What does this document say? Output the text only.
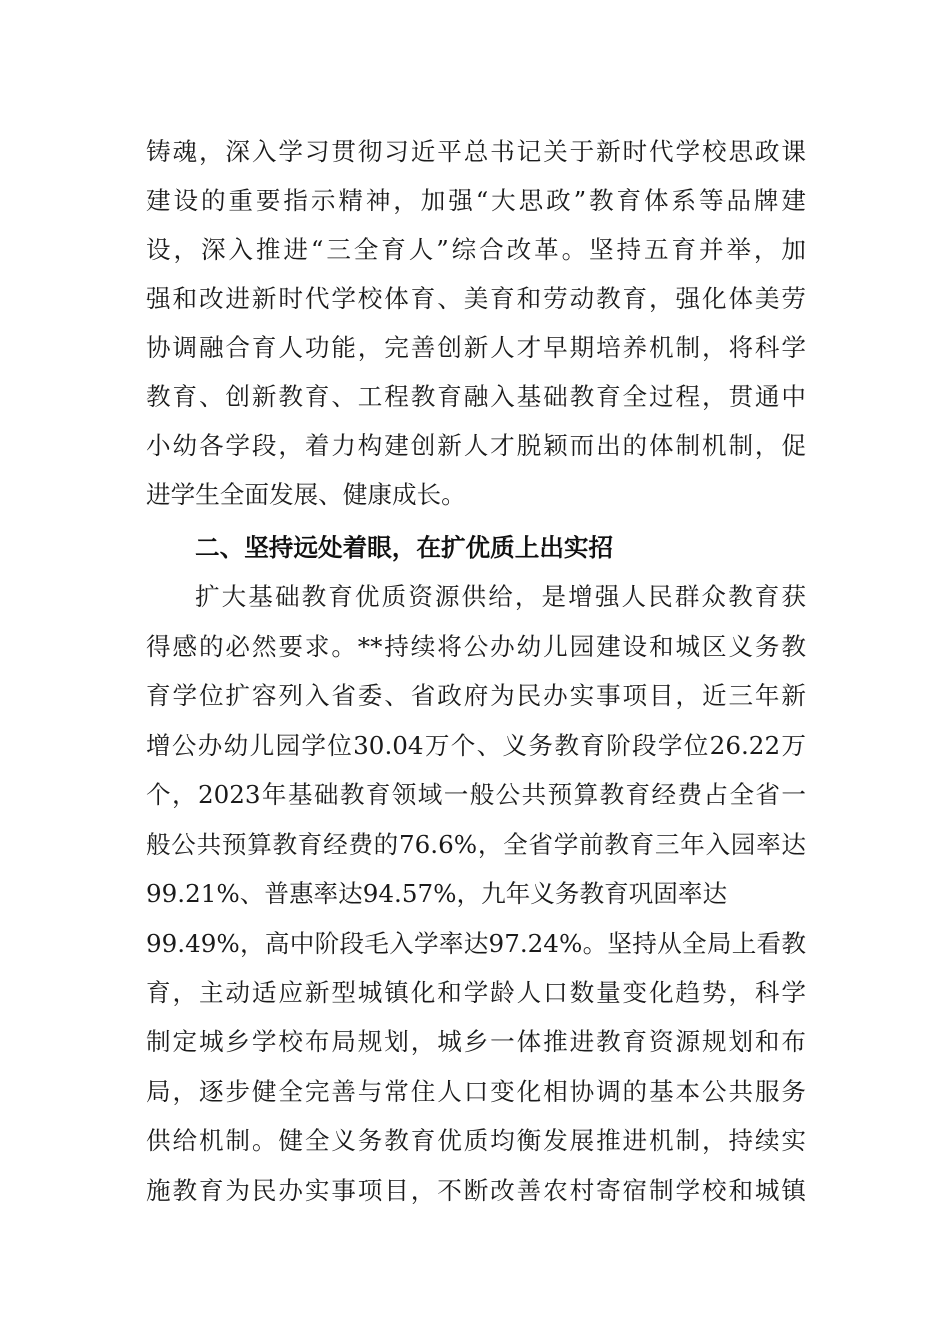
铸魂，深入学习贯彻习近平总书记关于新时代学校思政课

建设的重要指示精神，加强“大思政”教育体系等品牌建

设，深入推进“三全育人”综合改革。坚持五育并举，加

强和改进新时代学校体育、美育和劳动教育，强化体美劳

协调融合育人功能，完善创新人才早期培养机制，将科学

教育、创新教育、工程教育融入基础教育全过程，贯通中

小幼各学段，着力构建创新人才脱颖而出的体制机制，促

进学生全面发展、健康成长。

二、坚持远处着眼，在扩优质上出实招

扩大基础教育优质资源供给，是增强人民群众教育获

得感的必然要求。**持续将公办幼儿园建设和城区义务教

育学位扩容列入省委、省政府为民办实事项目，近三年新

增公办幼儿园学位30.04万个、义务教育阶段学位26.22万

个，2023年基础教育领域一般公共预算教育经费占全省一

般公共预算教育经费的76.6%，全省学前教育三年入园率达

99.21%、普惠率达94.57%，九年义务教育巩固率达

99.49%，高中阶段毛入学率达97.24%。坚持从全局上看教

育，主动适应新型城镇化和学龄人口数量变化趋势，科学

制定城乡学校布局规划，城乡一体推进教育资源规划和布

局，逐步健全完善与常住人口变化相协调的基本公共服务

供给机制。健全义务教育优质均衡发展推进机制，持续实

施教育为民办实事项目，不断改善农村寄宿制学校和城镇
